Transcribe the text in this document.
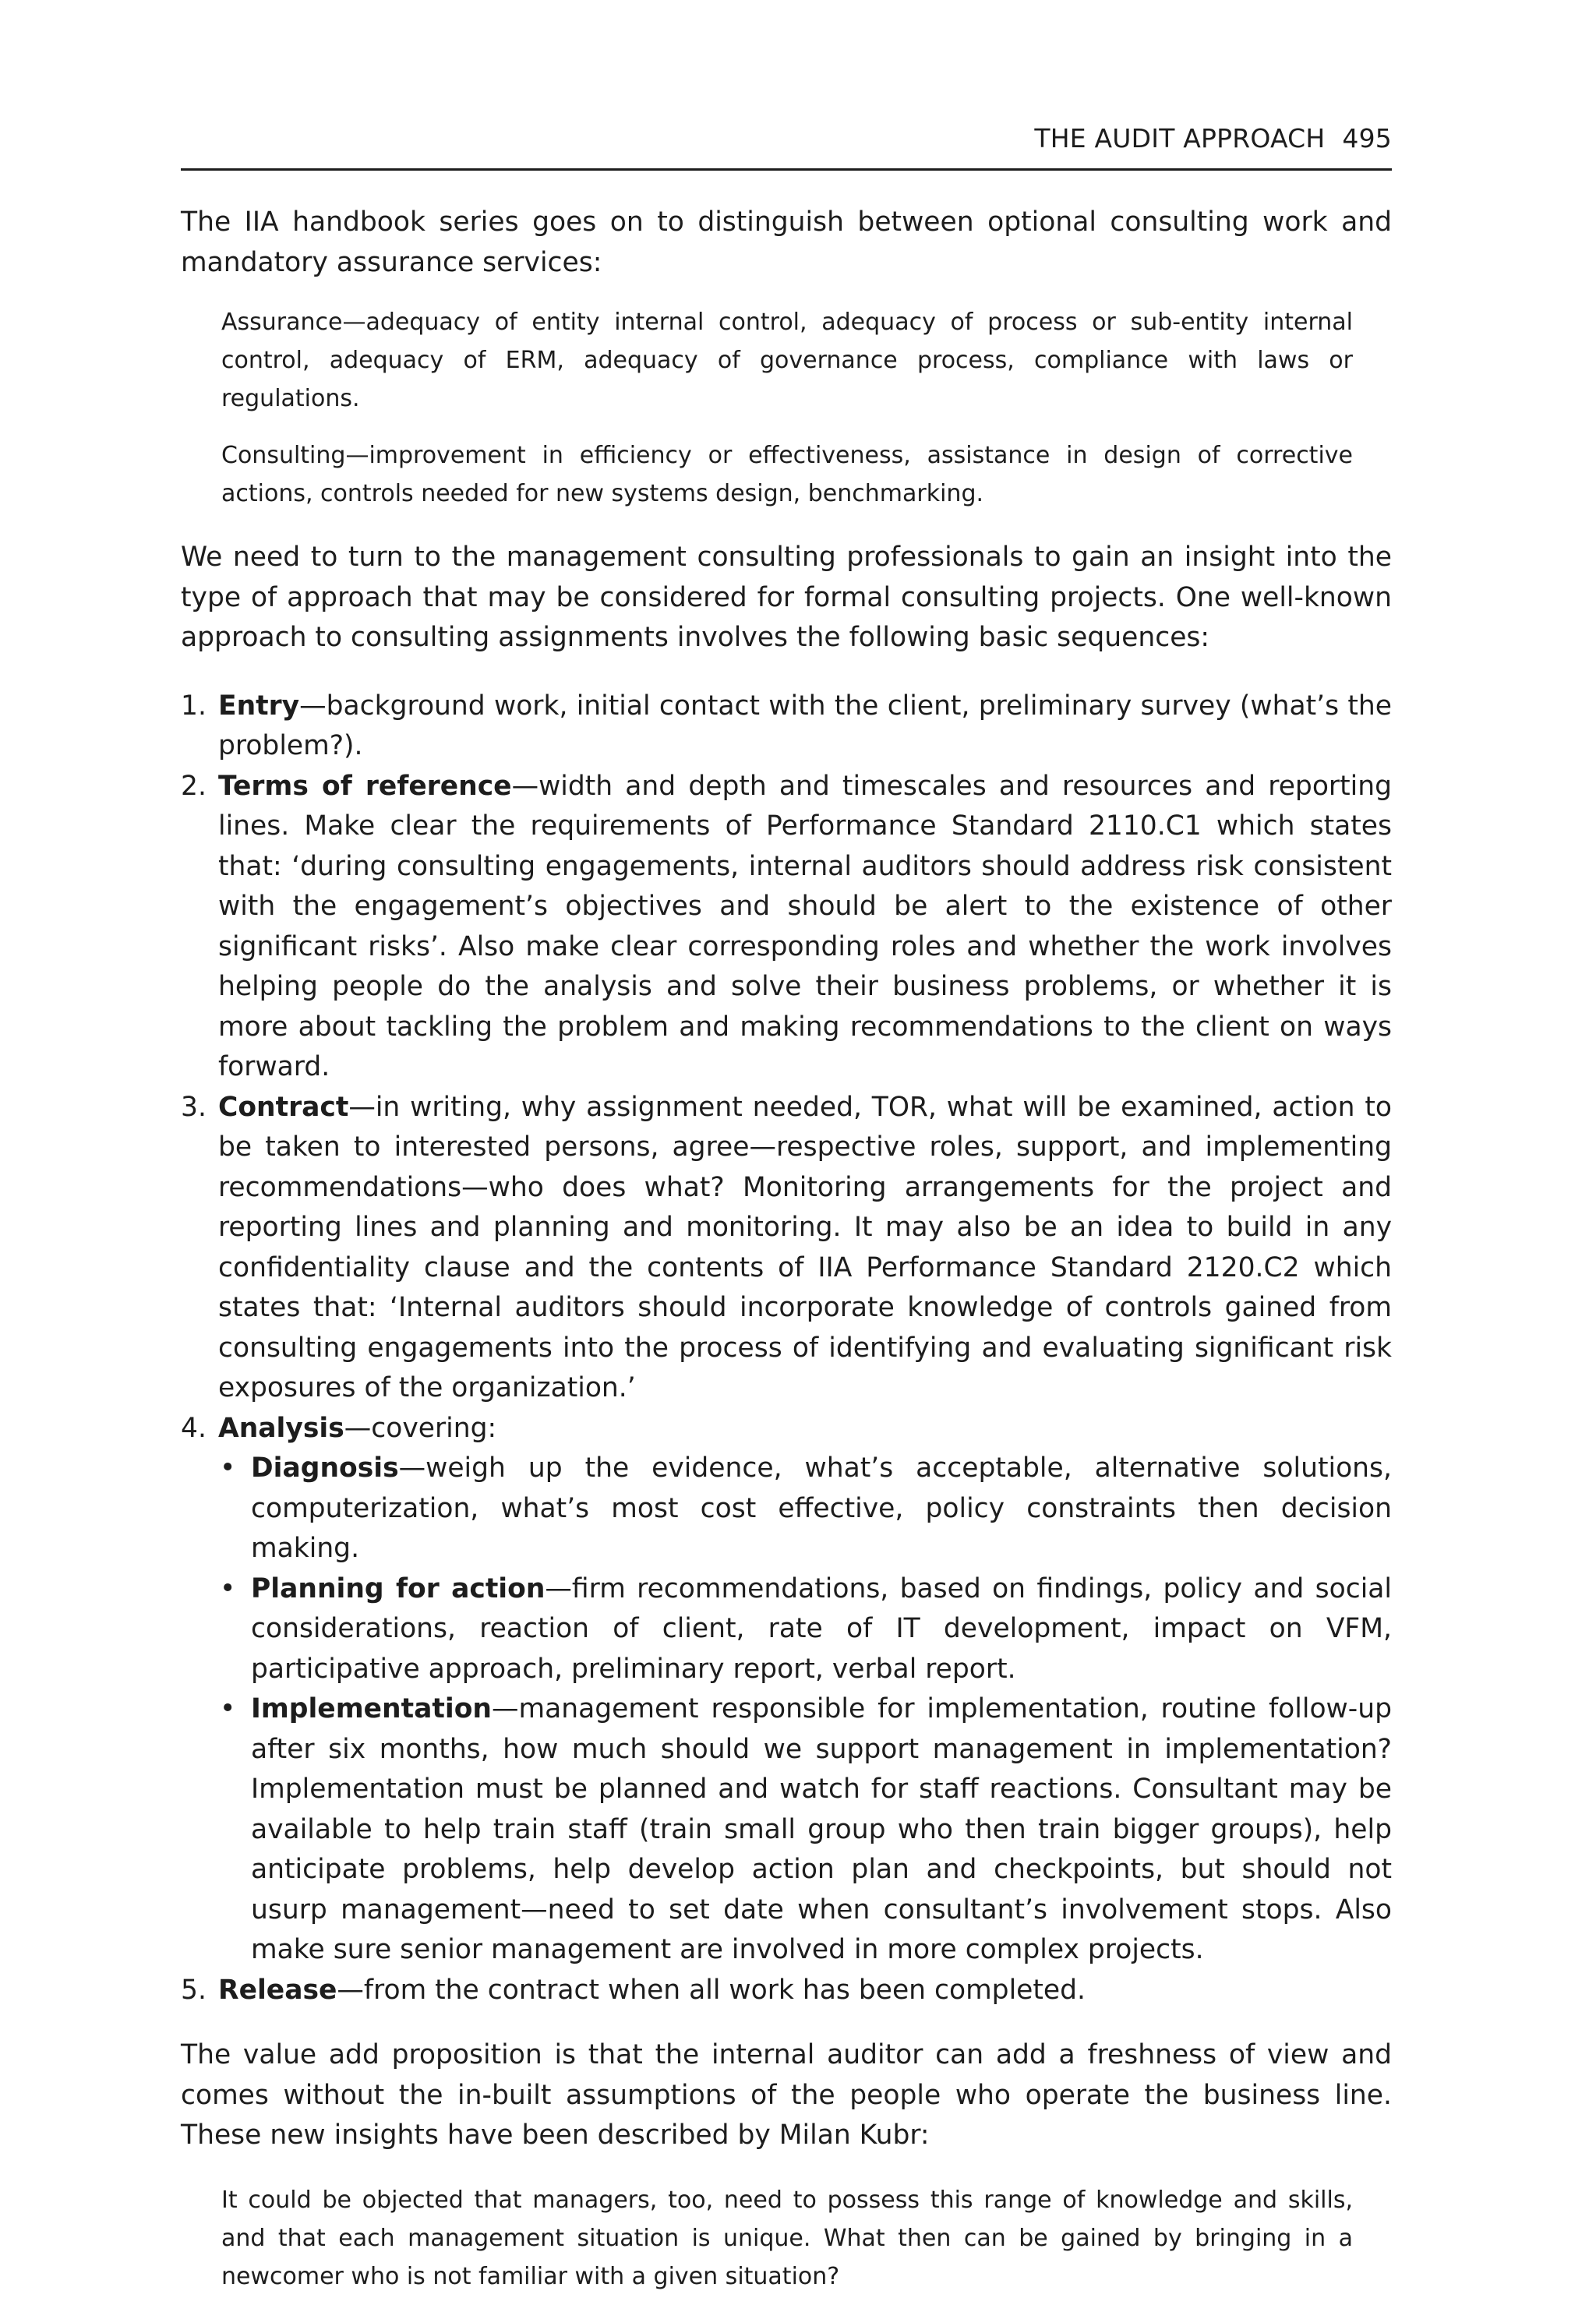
THE AUDIT APPROACH 495

The IIA handbook series goes on to distinguish between optional consulting work and mandatory assurance services:

Assurance—adequacy of entity internal control, adequacy of process or sub-entity internal control, adequacy of ERM, adequacy of governance process, compliance with laws or regulations.

Consulting—improvement in efficiency or effectiveness, assistance in design of corrective actions, controls needed for new systems design, benchmarking.

We need to turn to the management consulting professionals to gain an insight into the type of approach that may be considered for formal consulting projects. One well-known approach to consulting assignments involves the following basic sequences:

1. Entry—background work, initial contact with the client, preliminary survey (what’s the problem?).
2. Terms of reference—width and depth and timescales and resources and reporting lines. Make clear the requirements of Performance Standard 2110.C1 which states that: ‘during consulting engagements, internal auditors should address risk consistent with the engagement’s objectives and should be alert to the existence of other significant risks’. Also make clear corresponding roles and whether the work involves helping people do the analysis and solve their business problems, or whether it is more about tackling the problem and making recommendations to the client on ways forward.
3. Contract—in writing, why assignment needed, TOR, what will be examined, action to be taken to interested persons, agree—respective roles, support, and implementing recommendations—who does what? Monitoring arrangements for the project and reporting lines and planning and monitoring. It may also be an idea to build in any confidentiality clause and the contents of IIA Performance Standard 2120.C2 which states that: ‘Internal auditors should incorporate knowledge of controls gained from consulting engagements into the process of identifying and evaluating significant risk exposures of the organization.’
4. Analysis—covering:
• Diagnosis—weigh up the evidence, what’s acceptable, alternative solutions, computerization, what’s most cost effective, policy constraints then decision making.
• Planning for action—firm recommendations, based on findings, policy and social considerations, reaction of client, rate of IT development, impact on VFM, participative approach, preliminary report, verbal report.
• Implementation—management responsible for implementation, routine follow-up after six months, how much should we support management in implementation? Implementation must be planned and watch for staff reactions. Consultant may be available to help train staff (train small group who then train bigger groups), help anticipate problems, help develop action plan and checkpoints, but should not usurp management—need to set date when consultant’s involvement stops. Also make sure senior management are involved in more complex projects.
5. Release—from the contract when all work has been completed.

The value add proposition is that the internal auditor can add a freshness of view and comes without the in-built assumptions of the people who operate the business line. These new insights have been described by Milan Kubr:

It could be objected that managers, too, need to possess this range of knowledge and skills, and that each management situation is unique. What then can be gained by bringing in a newcomer who is not familiar with a given situation?
